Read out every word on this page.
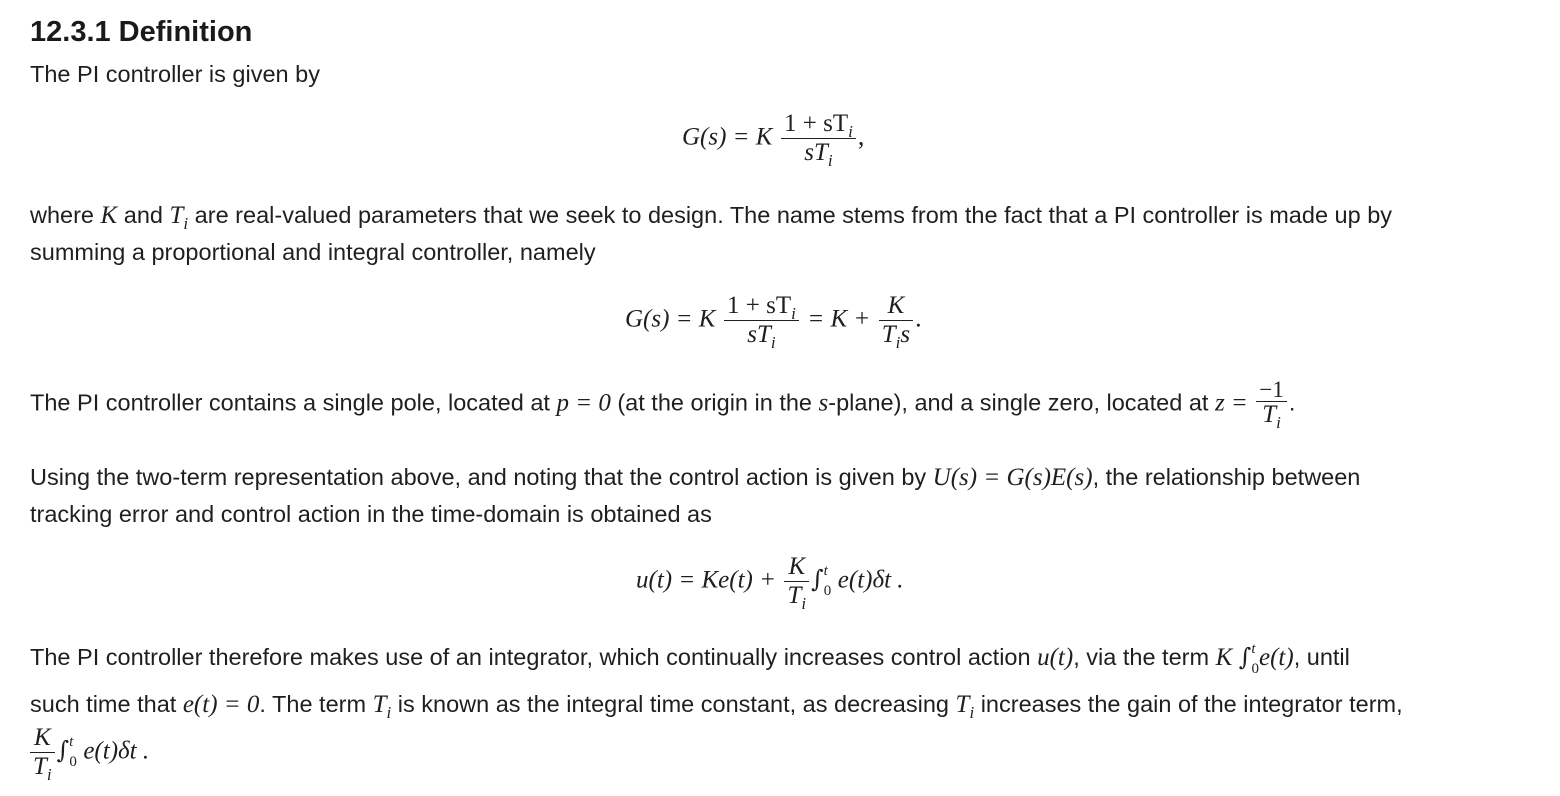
12.3.1 Definition
The PI controller is given by
G(s) = K $\frac{1 + sT_i}{sT_i}$ ,
where K and $T_i$ are real-valued parameters that we seek to design. The name stems from the fact that a PI controller is made up by
summing a proportional and integral controller, namely
G(s) = K $\frac{1 + sT_i}{sT_i} = K + \frac{K}{T_is}$ .
The PI controller contains a single pole, located at p = 0 (at the origin in the s-plane), and a single zero, located at $z = \frac{-1}{T_i}$ .
Using the two-term representation above, and noting that the control action is given by U(s) = G(s)E(s), the relationship between
tracking error and control action in the time-domain is obtained as
$u(t) = Ke(t) + \frac{K}{T_i} \int^t_0$ e(t)δt .
The PI controller therefore makes use of an integrator, which continually increases control action u(t), via the term K ∫$^t_0$e(t), until
such time that e(t) = 0. The term $T_i$ is known as the integral time constant, as decreasing $T_i$ increases the gain of the integrator term,
$\frac{K}{T_i} \int^t_0$ e(t)δt .
